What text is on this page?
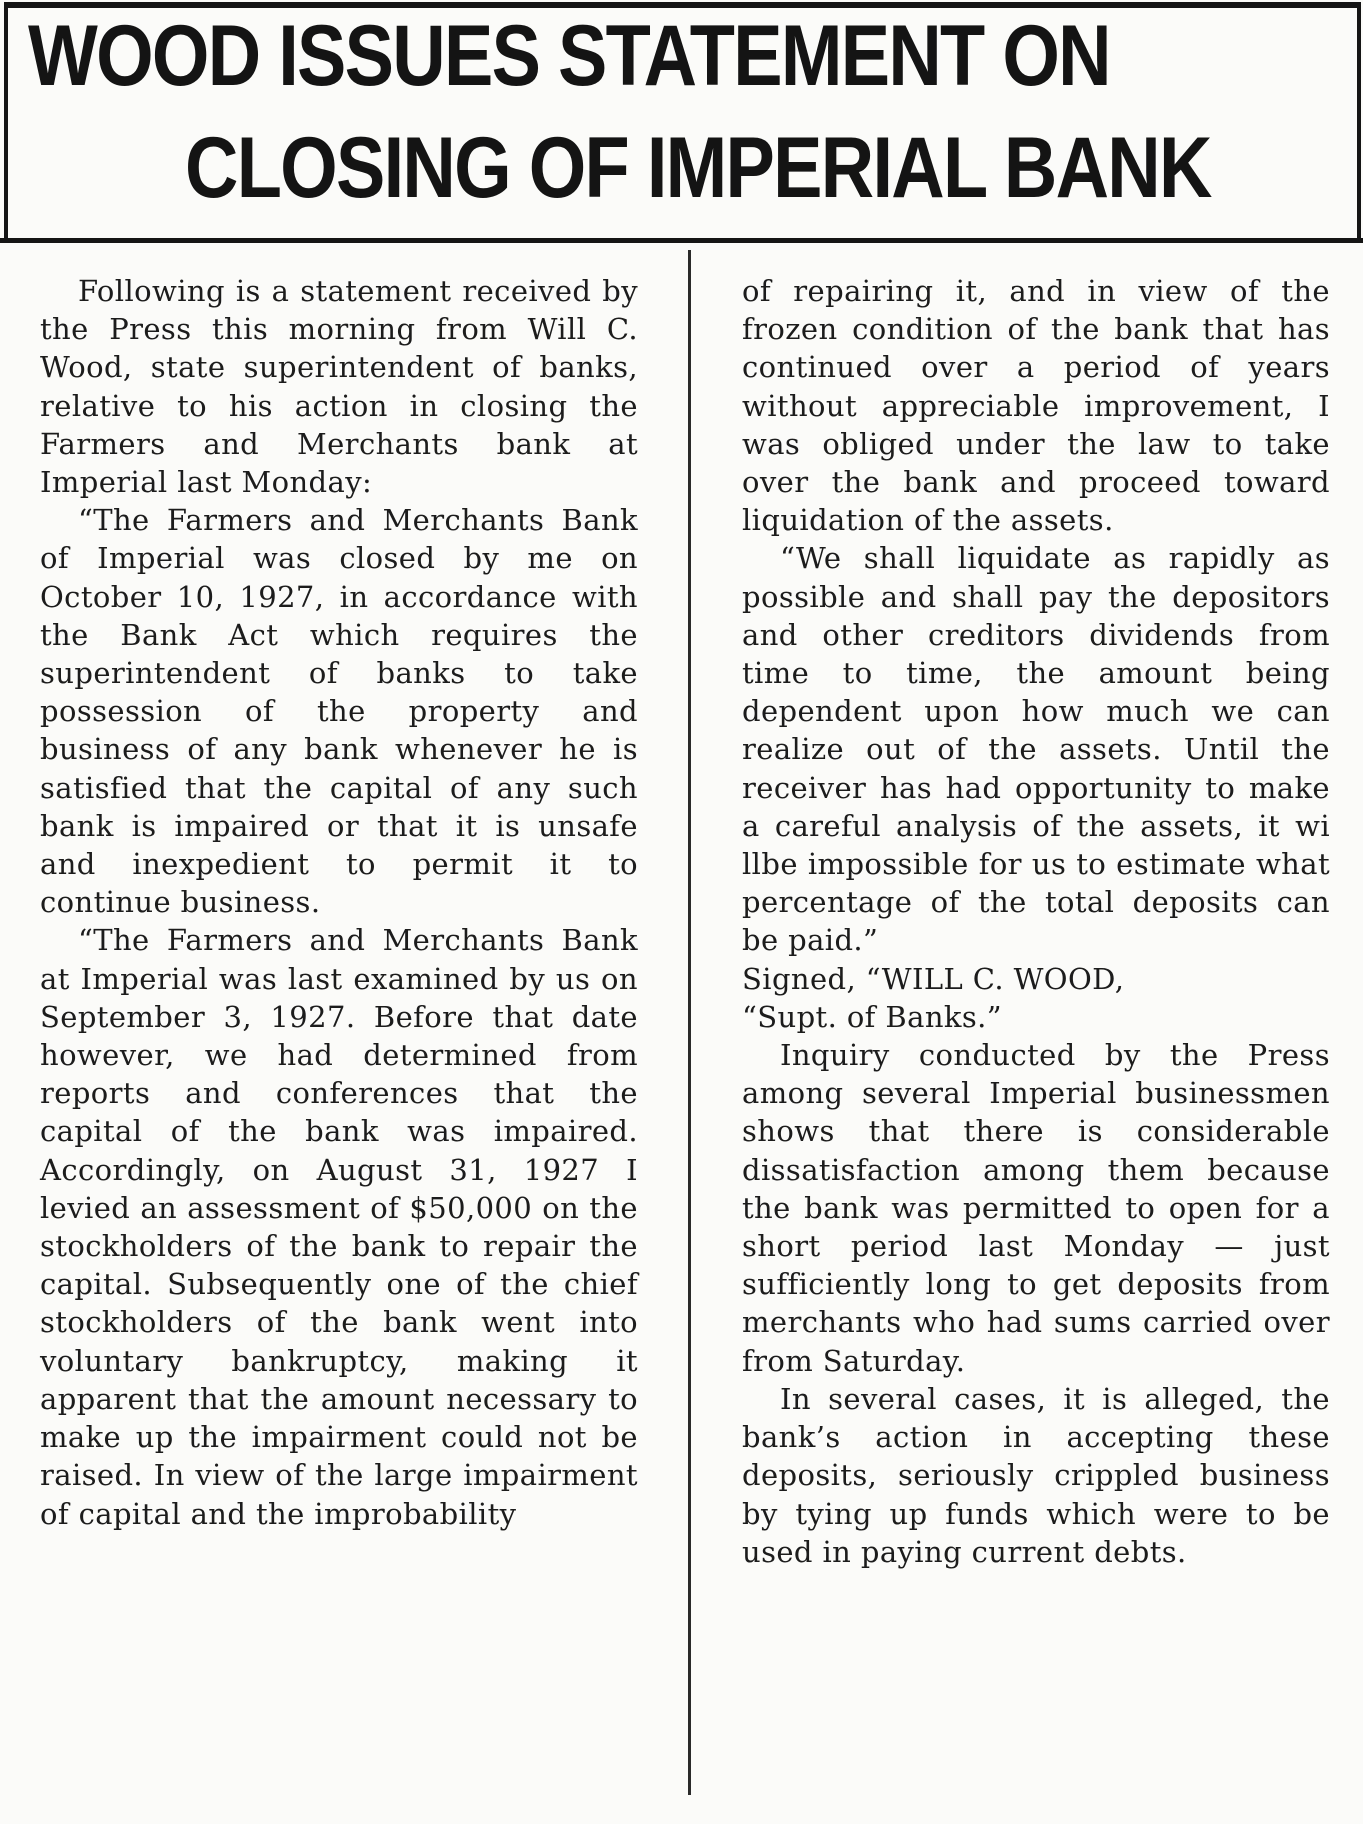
WOOD ISSUES STATEMENT ON
CLOSING OF IMPERIAL BANK

Following is a statement received by the Press this morning from Will C. Wood, state superintendent of banks, relative to his action in closing the Farmers and Merchants bank at Imperial last Monday:

“The Farmers and Merchants Bank of Imperial was closed by me on October 10, 1927, in accordance with the Bank Act which requires the superintendent of banks to take possession of the property and business of any bank whenever he is satisfied that the capital of any such bank is impaired or that it is unsafe and inexpedient to permit it to continue business.

“The Farmers and Merchants Bank at Imperial was last examined by us on September 3, 1927. Before that date however, we had determined from reports and conferences that the capital of the bank was impaired. Accordingly, on August 31, 1927 I levied an assessment of $50,000 on the stockholders of the bank to repair the capital. Subsequently one of the chief stockholders of the bank went into voluntary bankruptcy, making it apparent that the amount necessary to make up the impairment could not be raised. In view of the large impairment of capital and the improbability

of repairing it, and in view of the frozen condition of the bank that has continued over a period of years without appreciable improvement, I was obliged under the law to take over the bank and proceed toward liquidation of the assets.

“We shall liquidate as rapidly as possible and shall pay the depositors and other creditors dividends from time to time, the amount being dependent upon how much we can realize out of the assets. Until the receiver has had opportunity to make a careful analysis of the assets, it wi llbe impossible for us to estimate what percentage of the total deposits can be paid.”

Signed, “WILL C. WOOD,

“Supt. of Banks.”

Inquiry conducted by the Press among several Imperial businessmen shows that there is considerable dissatisfaction among them because the bank was permitted to open for a short period last Monday — just sufficiently long to get deposits from merchants who had sums carried over from Saturday.

In several cases, it is alleged, the bank’s action in accepting these deposits, seriously crippled business by tying up funds which were to be used in paying current debts.
